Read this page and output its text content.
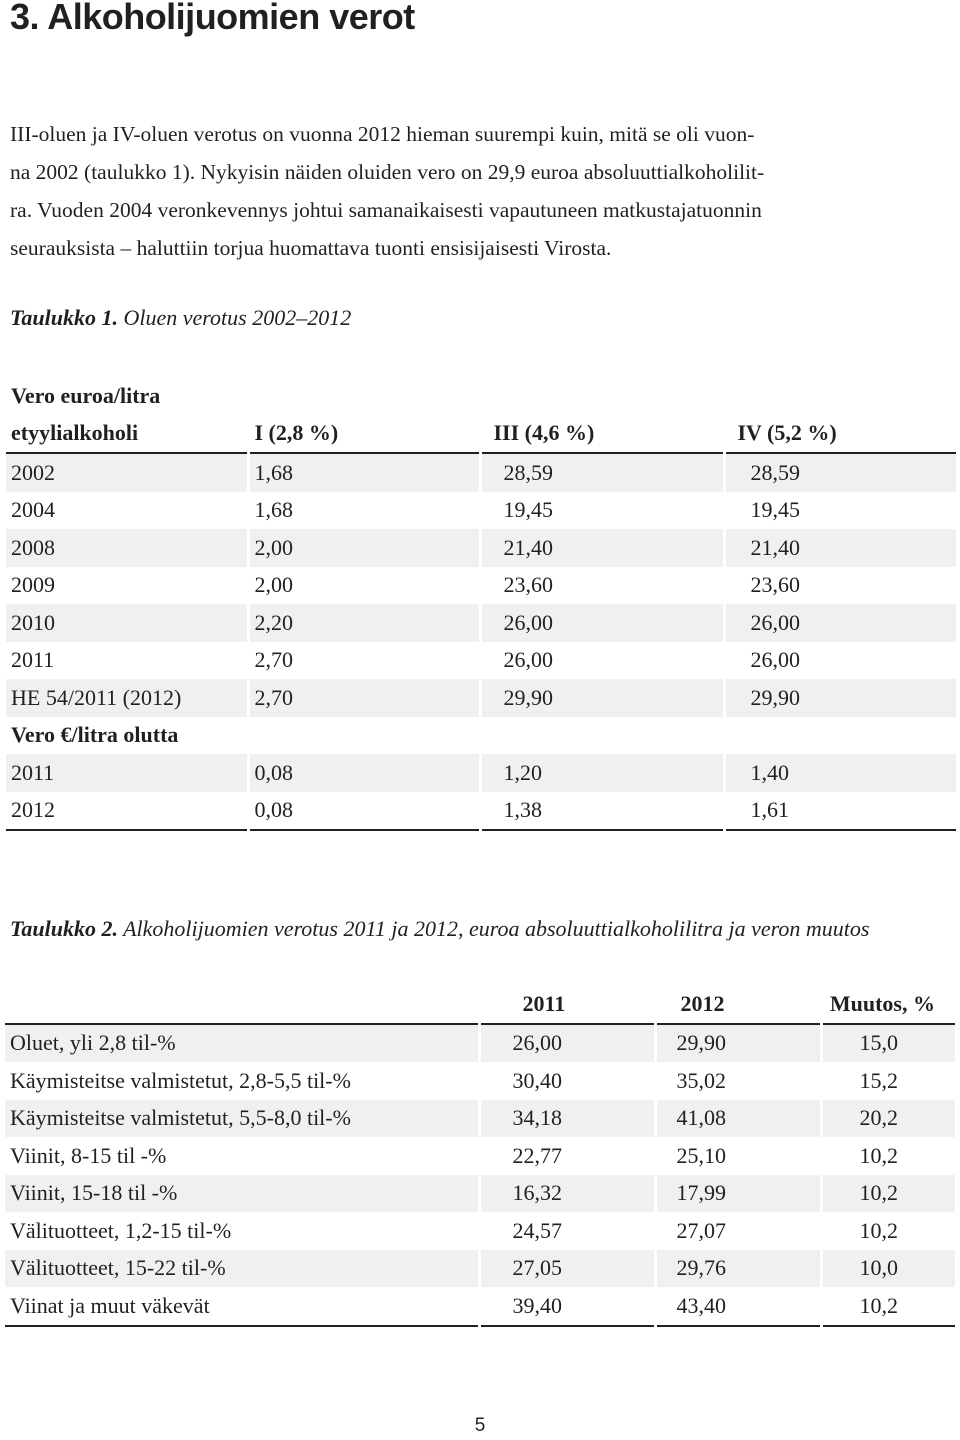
3. Alkoholijuomien verot

III-oluen ja IV-oluen verotus on vuonna 2012 hieman suurempi kuin, mitä se oli vuon-
na 2002 (taulukko 1). Nykyisin näiden oluiden vero on 29,9 euroa absoluuttialkoholilit-
ra. Vuoden 2004 veronkevennys johtui samanaikaisesti vapautuneen matkustajatuonnin
seurauksista – haluttiin torjua huomattava tuonti ensisijaisesti Virosta.

Taulukko 1. Oluen verotus 2002–2012

Vero euroa/litra			
etyylialkoholi	I (2,8 %)	III (4,6 %)	IV (5,2 %)
2002	1,68	28,59	28,59
2004	1,68	19,45	19,45
2008	2,00	21,40	21,40
2009	2,00	23,60	23,60
2010	2,20	26,00	26,00
2011	2,70	26,00	26,00
HE 54/2011 (2012)	2,70	29,90	29,90
Vero €/litra olutta			
2011	0,08	1,20	1,40
2012	0,08	1,38	1,61

Taulukko 2. Alkoholijuomien verotus 2011 ja 2012, euroa absoluuttialkoholilitra ja veron muutos

	2011	2012	Muutos, %
Oluet, yli 2,8 til-%	26,00	29,90	15,0
Käymisteitse valmistetut, 2,8-5,5 til-%	30,40	35,02	15,2
Käymisteitse valmistetut, 5,5-8,0 til-%	34,18	41,08	20,2
Viinit, 8-15 til -%	22,77	25,10	10,2
Viinit, 15-18 til -%	16,32	17,99	10,2
Välituotteet, 1,2-15 til-%	24,57	27,07	10,2
Välituotteet, 15-22 til-%	27,05	29,76	10,0
Viinat ja muut väkevät	39,40	43,40	10,2
5
